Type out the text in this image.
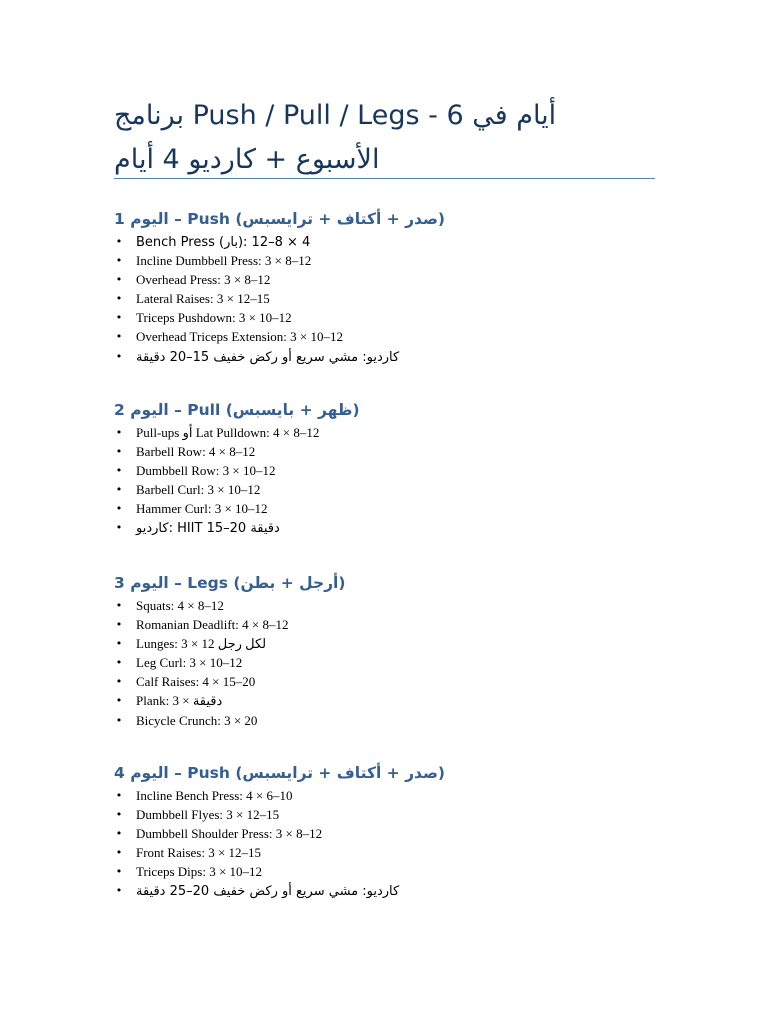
برنامج Push / Pull / Legs - 6 أيام في
الأسبوع + كارديو 4 أيام
1 اليوم – Push (صدر + أكتاف + ترايسبس)
• Bench Press (بار): 4 × 8–12
• Incline Dumbbell Press: 3 × 8–12
• Overhead Press: 3 × 8–12
• Lateral Raises: 3 × 12–15
• Triceps Pushdown: 3 × 10–12
• Overhead Triceps Extension: 3 × 10–12
• كارديو: مشي سريع أو ركض خفيف 15–20 دقيقة
2 اليوم – Pull (ظهر + بايسبس)
• Pull-ups أو Lat Pulldown: 4 × 8–12
• Barbell Row: 4 × 8–12
• Dumbbell Row: 3 × 10–12
• Barbell Curl: 3 × 10–12
• Hammer Curl: 3 × 10–12
• كارديو: HIIT 15–20 دقيقة
3 اليوم – Legs (أرجل + بطن)
• Squats: 4 × 8–12
• Romanian Deadlift: 4 × 8–12
• Lunges: 3 × 12 لكل رجل
• Leg Curl: 3 × 10–12
• Calf Raises: 4 × 15–20
• Plank: 3 × دقيقة
• Bicycle Crunch: 3 × 20
4 اليوم – Push (صدر + أكتاف + ترايسبس)
• Incline Bench Press: 4 × 6–10
• Dumbbell Flyes: 3 × 12–15
• Dumbbell Shoulder Press: 3 × 8–12
• Front Raises: 3 × 12–15
• Triceps Dips: 3 × 10–12
• كارديو: مشي سريع أو ركض خفيف 20–25 دقيقة
